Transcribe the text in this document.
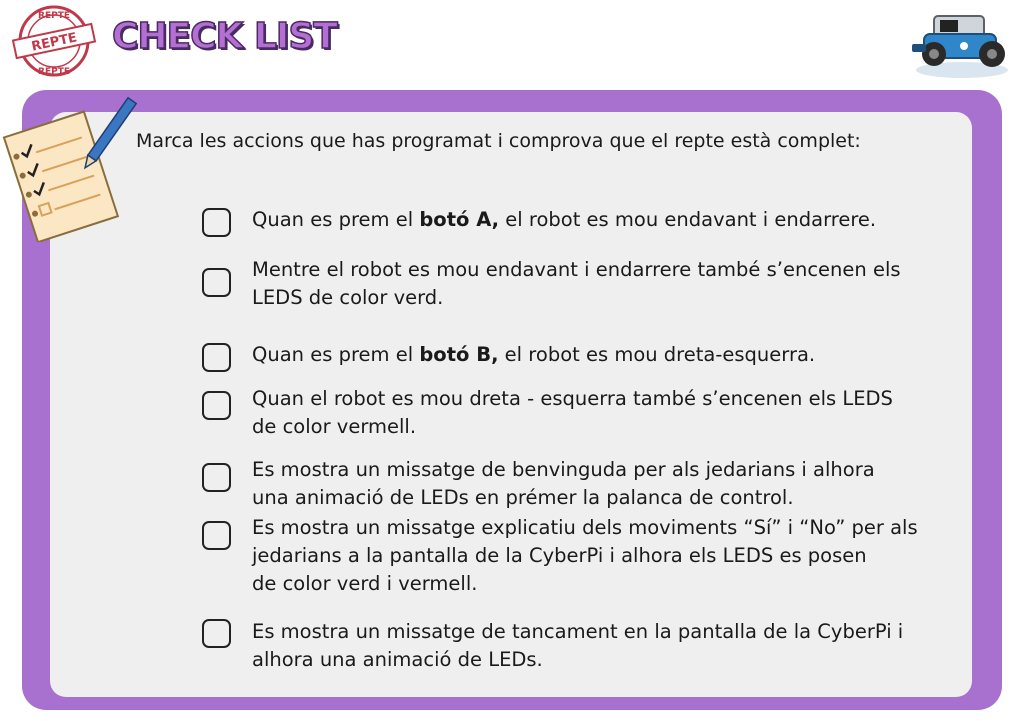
REPTE
REPTE
REPTE CHECK LIST
Marca les accions que has programat i comprova que el repte està complet:
Quan es prem el botó A, el robot es mou endavant i endarrere.
Mentre el robot es mou endavant i endarrere també s’encenen els
LEDS de color verd.
Quan es prem el botó B, el robot es mou dreta-esquerra.
Quan el robot es mou dreta - esquerra també s’encenen els LEDS
de color vermell.
Es mostra un missatge de benvinguda per als jedarians i alhora
una animació de LEDs en prémer la palanca de control.
Es mostra un missatge explicatiu dels moviments “Sí” i “No” per als
jedarians a la pantalla de la CyberPi i alhora els LEDS es posen
de color verd i vermell.
Es mostra un missatge de tancament en la pantalla de la CyberPi i
alhora una animació de LEDs.
